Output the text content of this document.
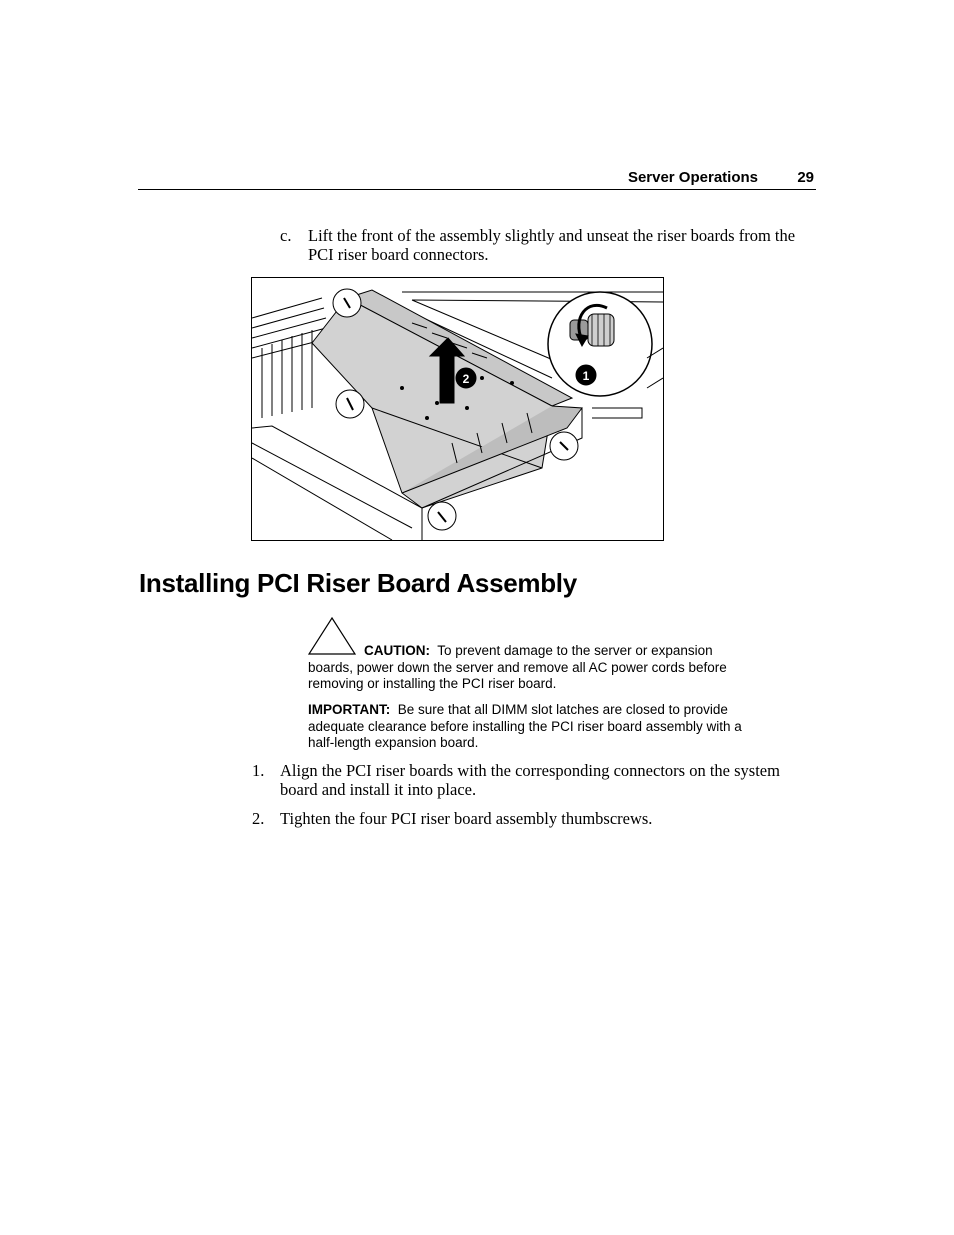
Server Operations	29
c. Lift the front of the assembly slightly and unseat the riser boards from the PCI riser board connectors.
2	1
Installing PCI Riser Board Assembly
CAUTION: To prevent damage to the server or expansion boards, power down the server and remove all AC power cords before removing or installing the PCI riser board.
IMPORTANT: Be sure that all DIMM slot latches are closed to provide adequate clearance before installing the PCI riser board assembly with a half-length expansion board.
1. Align the PCI riser boards with the corresponding connectors on the system board and install it into place.
2. Tighten the four PCI riser board assembly thumbscrews.
